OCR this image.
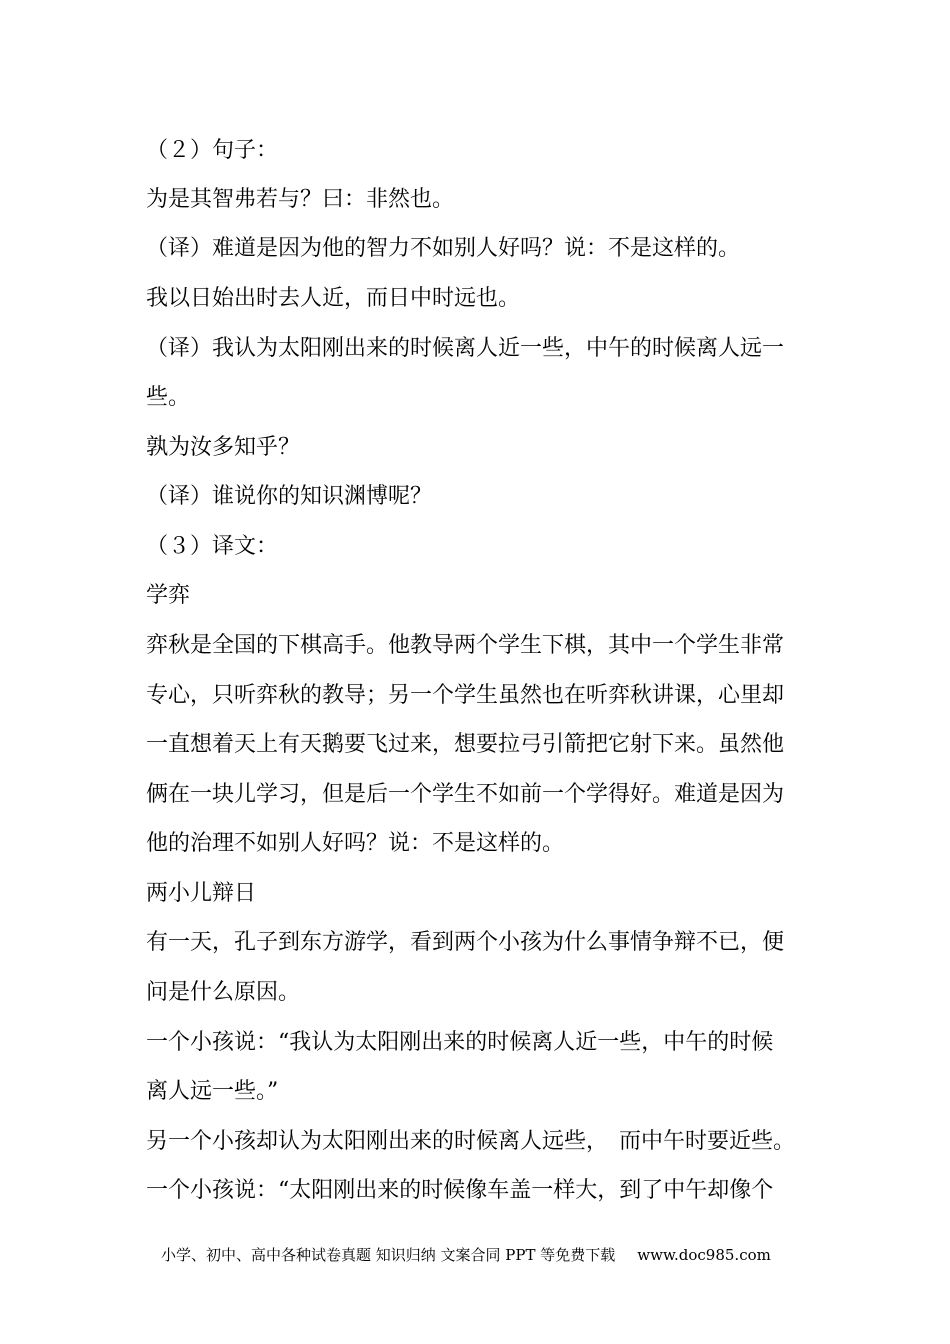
（２）句子：

为是其智弗若与？曰：非然也。

（译）难道是因为他的智力不如别人好吗？说：不是这样的。

我以日始出时去人近，而日中时远也。

（译）我认为太阳刚出来的时候离人近一些，中午的时候离人远一

些。

孰为汝多知乎？

（译）谁说你的知识渊博呢？

（３）译文：

学弈

弈秋是全国的下棋高手。他教导两个学生下棋，其中一个学生非常

专心，只听弈秋的教导；另一个学生虽然也在听弈秋讲课，心里却

一直想着天上有天鹅要飞过来，想要拉弓引箭把它射下来。虽然他

俩在一块儿学习，但是后一个学生不如前一个学得好。难道是因为

他的治理不如别人好吗？说：不是这样的。

两小儿辩日

有一天，孔子到东方游学，看到两个小孩为什么事情争辩不已，便

问是什么原因。

一个小孩说：“我认为太阳刚出来的时候离人近一些，中午的时候

离人远一些。”

另一个小孩却认为太阳刚出来的时候离人远些，　而中午时要近些。

一个小孩说：“太阳刚出来的时候像车盖一样大，到了中午却像个

小学、初中、高中各种试卷真题 知识归纳 文案合同 PPT 等免费下载 www.doc985.com
